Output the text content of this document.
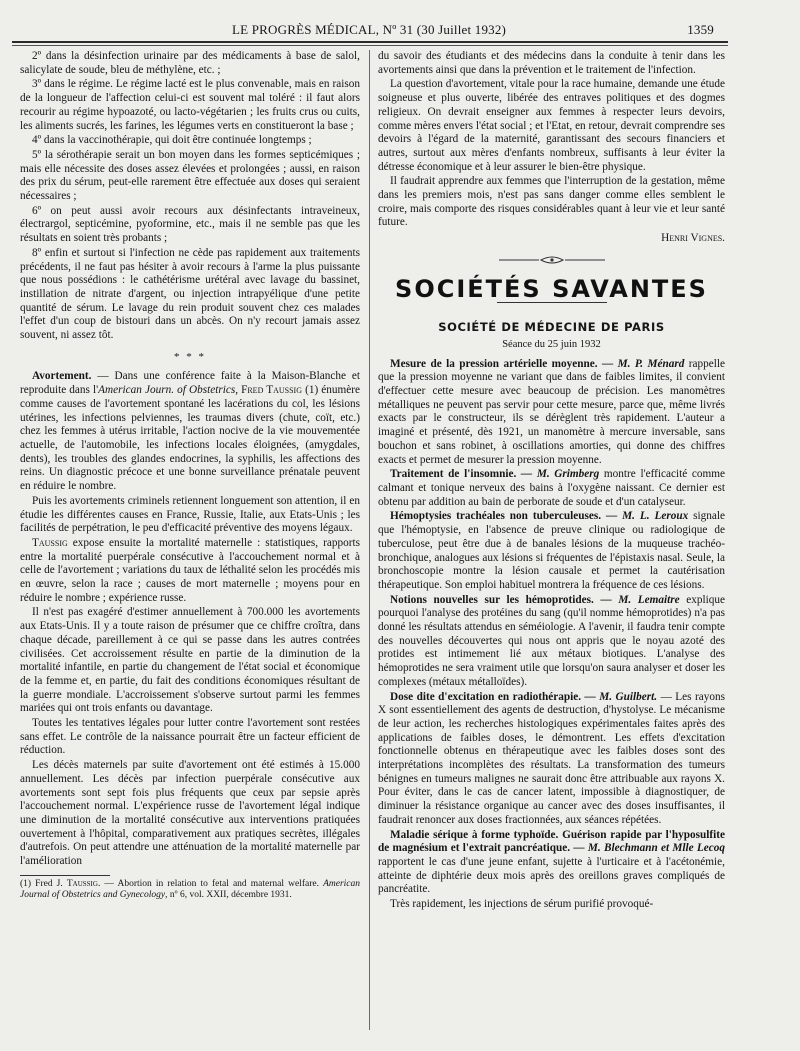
LE PROGRÈS MÉDICAL, Nº 31 (30 Juillet 1932)	1359

2º dans la désinfection urinaire par des médicaments à base de salol, salicylate de soude, bleu de méthylène, etc. ;

3º dans le régime. Le régime lacté est le plus convenable, mais en raison de la longueur de l'affection celui-ci est souvent mal toléré : il faut alors recourir au régime hypoazoté, ou lacto-végétarien ; les fruits crus ou cuits, les aliments sucrés, les farines, les légumes verts en constitueront la base ;

4º dans la vaccinothérapie, qui doit être continuée longtemps ;

5º la sérothérapie serait un bon moyen dans les formes septicémiques ; mais elle nécessite des doses assez élevées et prolongées ; aussi, en raison des prix du sérum, peut-elle rarement être effectuée aux doses qui seraient nécessaires ;

6º on peut aussi avoir recours aux désinfectants intraveineux, électrargol, septicémine, pyoformine, etc., mais il ne semble pas que les résultats en soient très probants ;

8º enfin et surtout si l'infection ne cède pas rapidement aux traitements précédents, il ne faut pas hésiter à avoir recours à l'arme la plus puissante que nous possédions : le cathétérisme urétéral avec lavage du bassinet, instillation de nitrate d'argent, ou injection intrapyélique d'une petite quantité de sérum. Le lavage du rein produit souvent chez ces malades l'effet d'un coup de bistouri dans un abcès. On n'y recourt jamais assez souvent, ni assez tôt.

* * *

Avortement. — Dans une conférence faite à la Maison-Blanche et reproduite dans l'American Journ. of Obstetrics, Fred Taussig (1) énumère comme causes de l'avortement spontané les lacérations du col, les lésions utérines, les infections pelviennes, les traumas divers (chute, coït, etc.) chez les femmes à utérus irritable, l'action nocive de la vie mouvementée actuelle, de l'automobile, les infections locales éloignées, (amygdales, dents), les troubles des glandes endocrines, la syphilis, les affections des reins. Un diagnostic précoce et une bonne surveillance prénatale peuvent en réduire le nombre.

Puis les avortements criminels retiennent longuement son attention, il en étudie les différentes causes en France, Russie, Italie, aux Etats-Unis ; les facilités de perpétration, le peu d'efficacité préventive des moyens légaux.

Taussig expose ensuite la mortalité maternelle : statistiques, rapports entre la mortalité puerpérale consécutive à l'accouchement normal et à celle de l'avortement ; variations du taux de léthalité selon les procédés mis en œuvre, selon la race ; causes de mort maternelle ; moyens pour en réduire le nombre ; expérience russe.

Il n'est pas exagéré d'estimer annuellement à 700.000 les avortements aux Etats-Unis. Il y a toute raison de présumer que ce chiffre croîtra, dans chaque décade, pareillement à ce qui se passe dans les autres contrées civilisées. Cet accroissement résulte en partie de la diminution de la mortalité infantile, en partie du changement de l'état social et économique de la femme et, en partie, du fait des conditions économiques résultant de la guerre mondiale. L'accroissement s'observe surtout parmi les femmes mariées qui ont trois enfants ou davantage.

Toutes les tentatives légales pour lutter contre l'avortement sont restées sans effet. Le contrôle de la naissance pourrait être un facteur efficient de réduction.

Les décès maternels par suite d'avortement ont été estimés à 15.000 annuellement. Les décès par infection puerpérale consécutive aux avortements sont sept fois plus fréquents que ceux par sepsie après l'accouchement normal. L'expérience russe de l'avortement légal indique une diminution de la mortalité consécutive aux interventions pratiquées ouvertement à l'hôpital, comparativement aux pratiques secrètes, illégales d'autrefois. On peut attendre une atténuation de la mortalité maternelle par l'amélioration

(1) Fred J. Taussig. — Abortion in relation to fetal and maternal welfare. American Journal of Obstetrics and Gynecology, nº 6, vol. XXII, décembre 1931.

du savoir des étudiants et des médecins dans la conduite à tenir dans les avortements ainsi que dans la prévention et le traitement de l'infection.

La question d'avortement, vitale pour la race humaine, demande une étude soigneuse et plus ouverte, libérée des entraves politiques et des dogmes religieux. On devrait enseigner aux femmes à respecter leurs devoirs, comme mères envers l'état social ; et l'Etat, en retour, devrait comprendre ses devoirs à l'égard de la maternité, garantissant des secours financiers et autres, surtout aux mères d'enfants nombreux, suffisants à leur éviter la détresse économique et à leur assurer le bien-être physique.

Il faudrait apprendre aux femmes que l'interruption de la gestation, même dans les premiers mois, n'est pas sans danger comme elles semblent le croire, mais comporte des risques considérables quant à leur vie et leur santé future.

Henri Vignes.
SOCIÉTÉS SAVANTES
SOCIÉTÉ DE MÉDECINE DE PARIS
Séance du 25 juin 1932

Mesure de la pression artérielle moyenne. — M. P. Ménard rappelle que la pression moyenne ne variant que dans de faibles limites, il convient d'effectuer cette mesure avec beaucoup de précision. Les manomètres métalliques ne peuvent pas servir pour cette mesure, parce que, même livrés exacts par le constructeur, ils se dérèglent très rapidement. L'auteur a imaginé et présenté, dès 1921, un manomètre à mercure inversable, sans bouchon et sans robinet, à oscillations amorties, qui donne des chiffres exacts et permet de mesurer la pression moyenne.

Traitement de l'insomnie. — M. Grimberg montre l'efficacité comme calmant et tonique nerveux des bains à l'oxygène naissant. Ce dernier est obtenu par addition au bain de perborate de soude et d'un catalyseur.

Hémoptysies trachéales non tuberculeuses. — M. L. Leroux signale que l'hémoptysie, en l'absence de preuve clinique ou radiologique de tuberculose, peut être due à de banales lésions de la muqueuse trachéo-bronchique, analogues aux lésions si fréquentes de l'épistaxis nasal. Seule, la bronchoscopie montre la lésion causale et permet la cautérisation thérapeutique. Son emploi habituel montrera la fréquence de ces lésions.

Notions nouvelles sur les hémoprotides. — M. Lemaitre explique pourquoi l'analyse des protéines du sang (qu'il nomme hémoprotides) n'a pas donné les résultats attendus en séméiologie. A l'avenir, il faudra tenir compte des nouvelles découvertes qui nous ont appris que le noyau azoté des protides est intimement lié aux métaux biotiques. L'analyse des hémoprotides ne sera vraiment utile que lorsqu'on saura analyser et doser les complexes (métaux métalloïdes).

Dose dite d'excitation en radiothérapie. — M. Guilbert. — Les rayons X sont essentiellement des agents de destruction, d'hystolyse. Le mécanisme de leur action, les recherches histologiques expérimentales faites après des applications de faibles doses, le démontrent. Les effets d'excitation fonctionnelle obtenus en thérapeutique avec les faibles doses sont des interprétations incomplètes des résultats. La transformation des tumeurs bénignes en tumeurs malignes ne saurait donc être attribuable aux rayons X. Pour éviter, dans le cas de cancer latent, impossible à diagnostiquer, de diminuer la résistance organique au cancer avec des doses insuffisantes, il faudrait renoncer aux doses fractionnées, aux séances répétées.

Maladie sérique à forme typhoïde. Guérison rapide par l'hyposulfite de magnésium et l'extrait pancréatique. — M. Blechmann et Mlle Lecoq rapportent le cas d'une jeune enfant, sujette à l'urticaire et à l'acétonémie, atteinte de diphtérie deux mois après des oreillons graves compliqués de pancréatite.

Très rapidement, les injections de sérum purifié provoqué-
